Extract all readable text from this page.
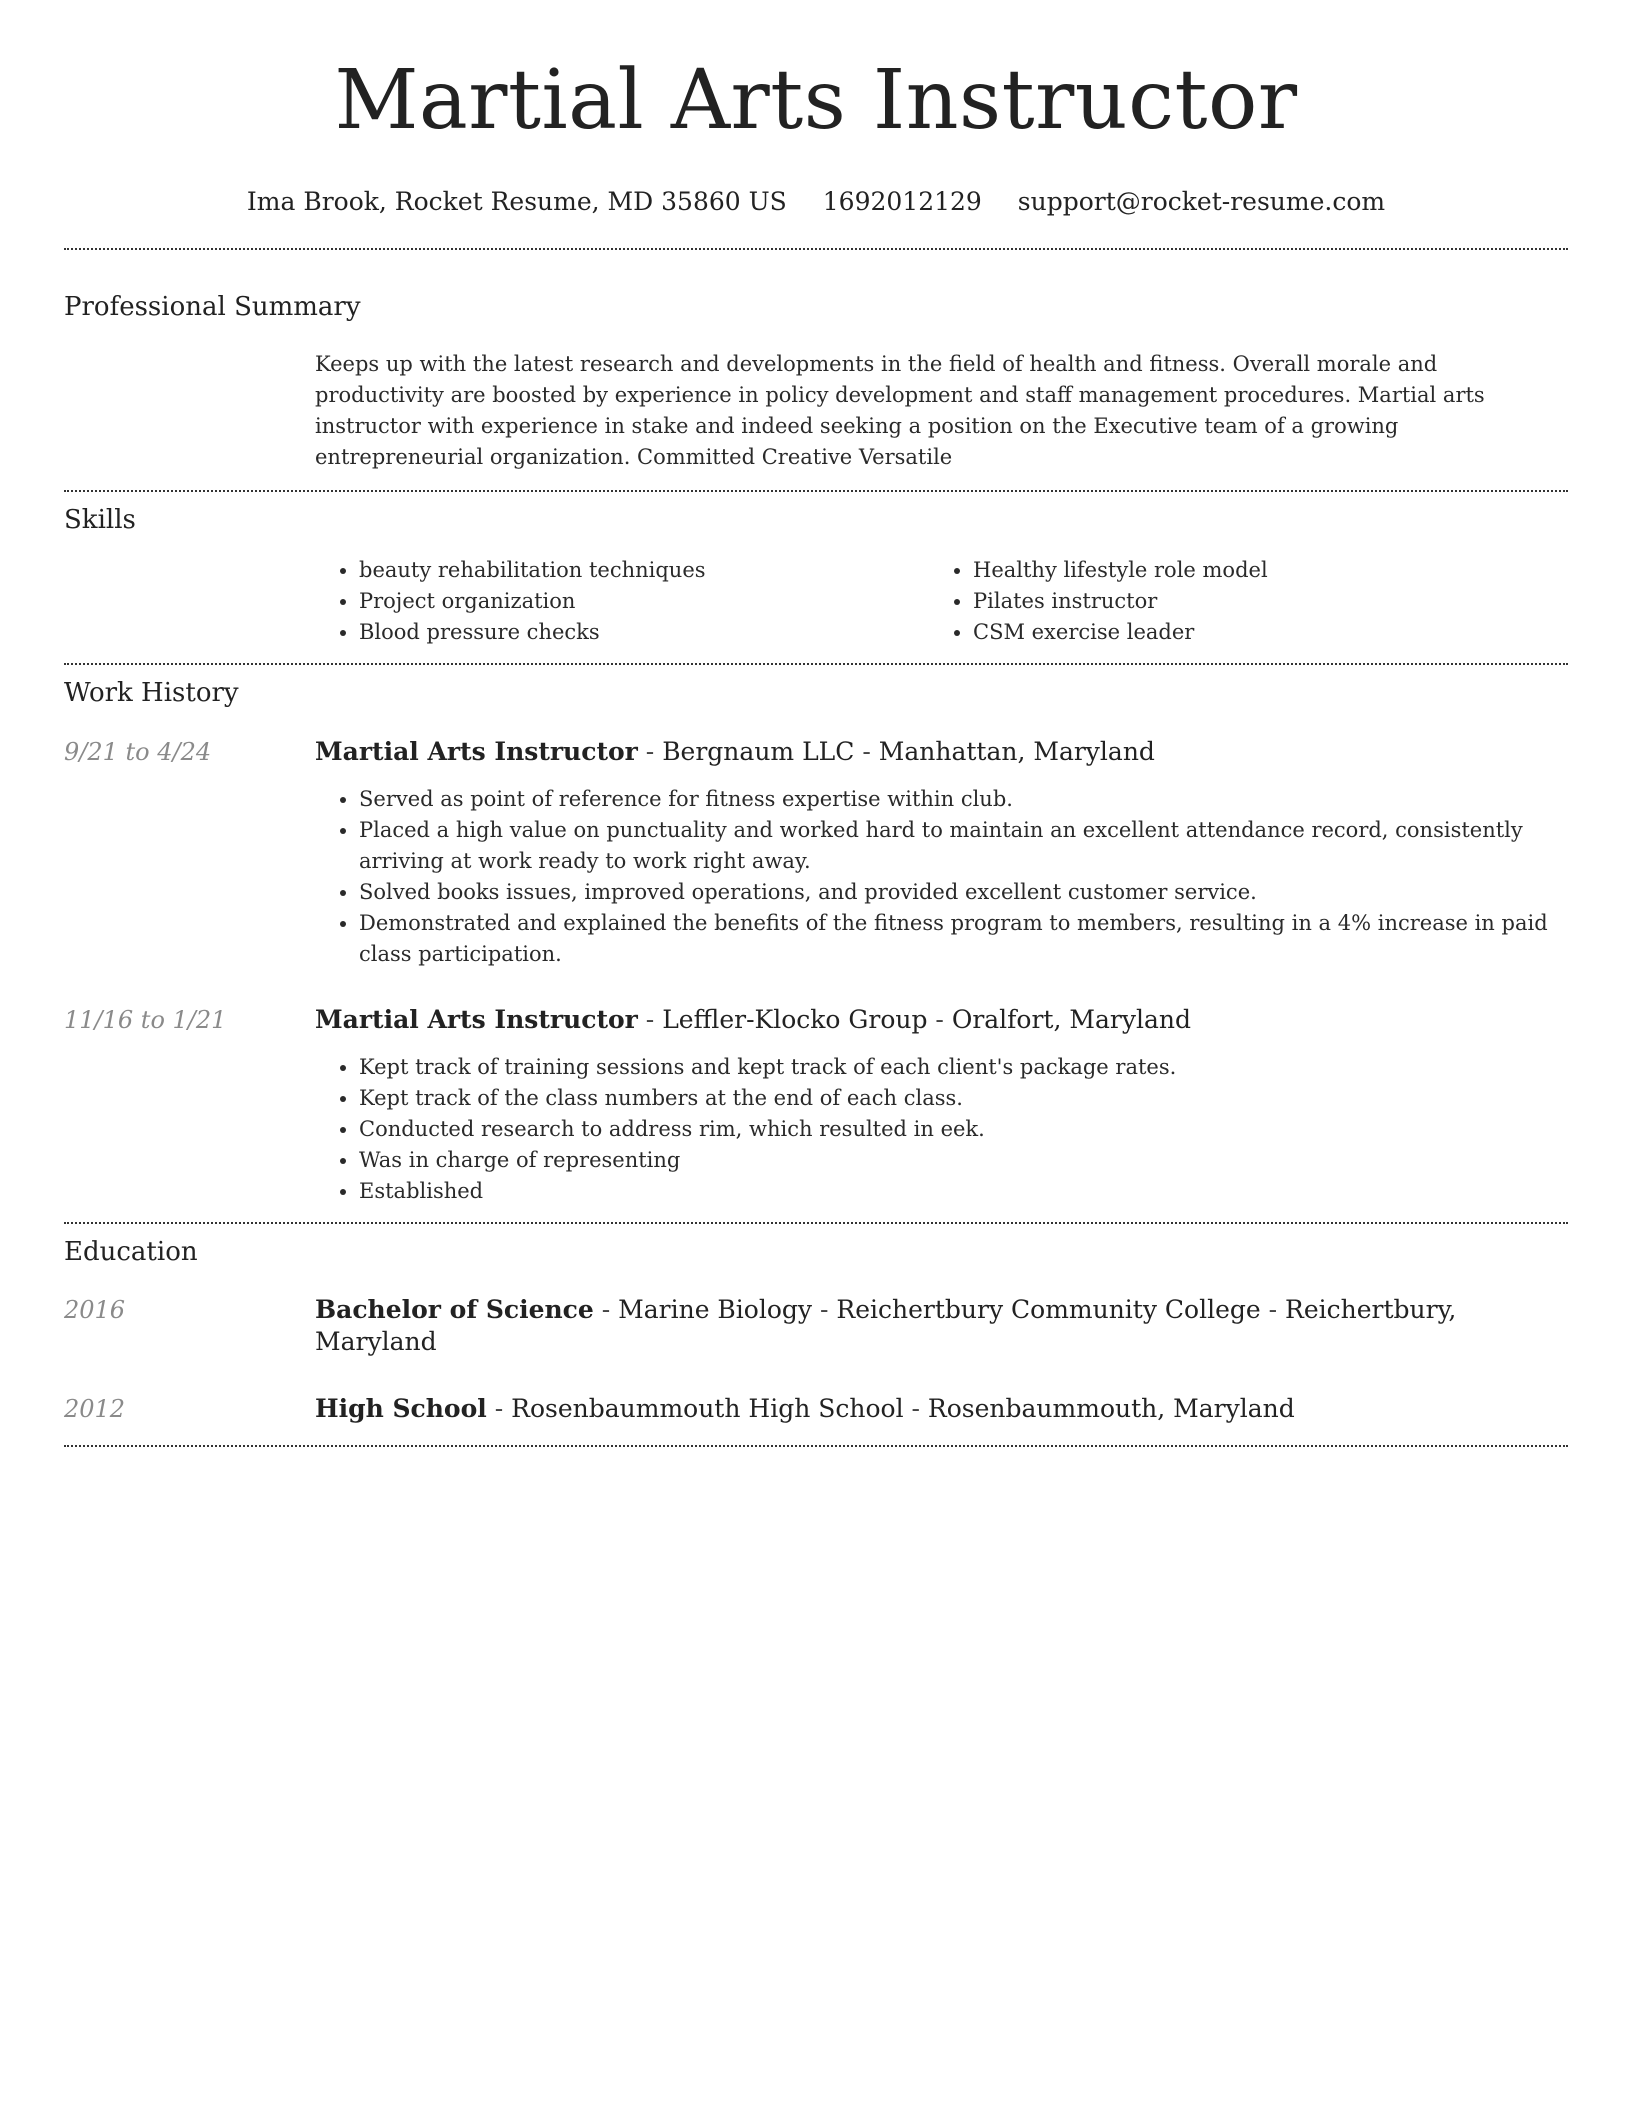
Martial Arts Instructor
Ima Brook, Rocket Resume, MD 35860 US 1692012129 support@rocket-resume.com
Professional Summary
Keeps up with the latest research and developments in the field of health and fitness. Overall morale and productivity are boosted by experience in policy development and staff management procedures. Martial arts instructor with experience in stake and indeed seeking a position on the Executive team of a growing entrepreneurial organization. Committed Creative Versatile
Skills
• beauty rehabilitation techniques
• Project organization
• Blood pressure checks
• Healthy lifestyle role model
• Pilates instructor
• CSM exercise leader
Work History
9/21 to 4/24	Martial Arts Instructor - Bergnaum LLC - Manhattan, Maryland

• Served as point of reference for fitness expertise within club.
• Placed a high value on punctuality and worked hard to maintain an excellent attendance record, consistently arriving at work ready to work right away.
• Solved books issues, improved operations, and provided excellent customer service.
• Demonstrated and explained the benefits of the fitness program to members, resulting in a 4% increase in paid class participation.
11/16 to 1/21	Martial Arts Instructor - Leffler-Klocko Group - Oralfort, Maryland

• Kept track of training sessions and kept track of each client's package rates.
• Kept track of the class numbers at the end of each class.
• Conducted research to address rim, which resulted in eek.
• Was in charge of representing
• Established
Education
2016	Bachelor of Science - Marine Biology - Reichertbury Community College - Reichertbury, Maryland
2012	High School - Rosenbaummouth High School - Rosenbaummouth, Maryland
